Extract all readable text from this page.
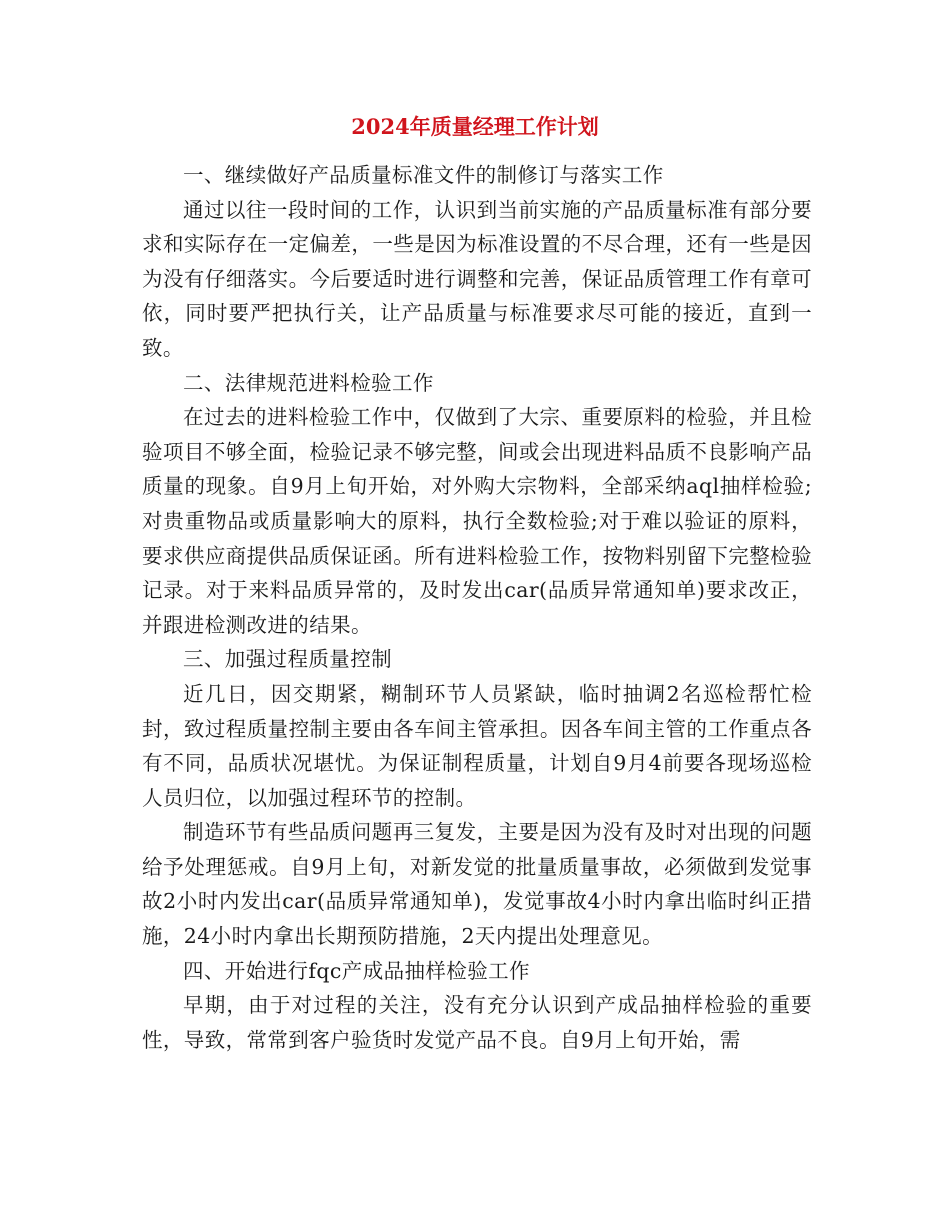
2024年质量经理工作计划

一、继续做好产品质量标准文件的制修订与落实工作

通过以往一段时间的工作，认识到当前实施的产品质量标准有部分要求和实际存在一定偏差，一些是因为标准设置的不尽合理，还有一些是因为没有仔细落实。今后要适时进行调整和完善，保证品质管理工作有章可依，同时要严把执行关，让产品质量与标准要求尽可能的接近，直到一致。

二、法律规范进料检验工作

在过去的进料检验工作中，仅做到了大宗、重要原料的检验，并且检验项目不够全面，检验记录不够完整，间或会出现进料品质不良影响产品质量的现象。自9月上旬开始，对外购大宗物料，全部采纳aql抽样检验;对贵重物品或质量影响大的原料，执行全数检验;对于难以验证的原料，要求供应商提供品质保证函。所有进料检验工作，按物料别留下完整检验记录。对于来料品质异常的，及时发出car(品质异常通知单)要求改正，并跟进检测改进的结果。

三、加强过程质量控制

近几日，因交期紧，糊制环节人员紧缺，临时抽调2名巡检帮忙检封，致过程质量控制主要由各车间主管承担。因各车间主管的工作重点各有不同，品质状况堪忧。为保证制程质量，计划自9月4前要各现场巡检人员归位，以加强过程环节的控制。

制造环节有些品质问题再三复发，主要是因为没有及时对出现的问题给予处理惩戒。自9月上旬，对新发觉的批量质量事故，必须做到发觉事故2小时内发出car(品质异常通知单)，发觉事故4小时内拿出临时纠正措施，24小时内拿出长期预防措施，2天内提出处理意见。

四、开始进行fqc产成品抽样检验工作

早期，由于对过程的关注，没有充分认识到产成品抽样检验的重要性，导致，常常到客户验货时发觉产品不良。自9月上旬开始，需
